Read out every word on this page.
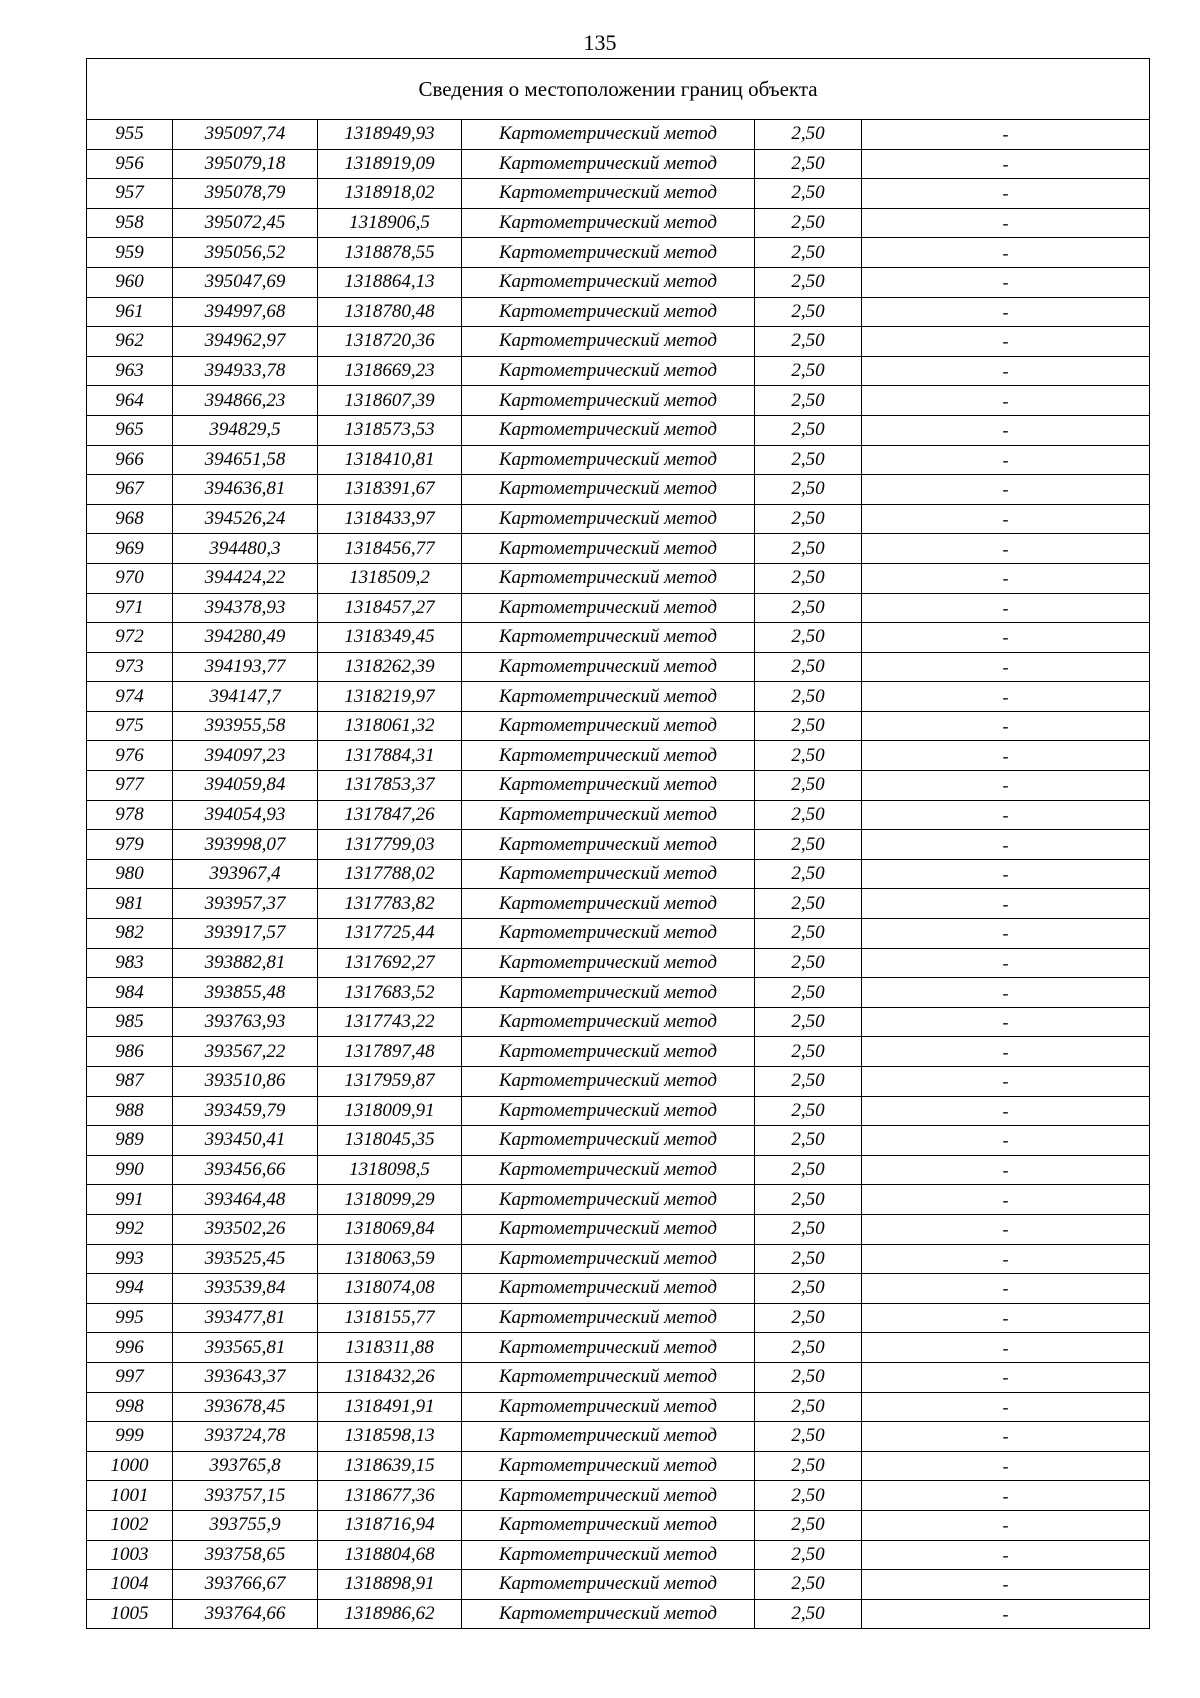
135
Сведения о местоположении границ объекта					
955	395097,74	1318949,93	Картометрический метод	2,50	-
956	395079,18	1318919,09	Картометрический метод	2,50	-
957	395078,79	1318918,02	Картометрический метод	2,50	-
958	395072,45	1318906,5	Картометрический метод	2,50	-
959	395056,52	1318878,55	Картометрический метод	2,50	-
960	395047,69	1318864,13	Картометрический метод	2,50	-
961	394997,68	1318780,48	Картометрический метод	2,50	-
962	394962,97	1318720,36	Картометрический метод	2,50	-
963	394933,78	1318669,23	Картометрический метод	2,50	-
964	394866,23	1318607,39	Картометрический метод	2,50	-
965	394829,5	1318573,53	Картометрический метод	2,50	-
966	394651,58	1318410,81	Картометрический метод	2,50	-
967	394636,81	1318391,67	Картометрический метод	2,50	-
968	394526,24	1318433,97	Картометрический метод	2,50	-
969	394480,3	1318456,77	Картометрический метод	2,50	-
970	394424,22	1318509,2	Картометрический метод	2,50	-
971	394378,93	1318457,27	Картометрический метод	2,50	-
972	394280,49	1318349,45	Картометрический метод	2,50	-
973	394193,77	1318262,39	Картометрический метод	2,50	-
974	394147,7	1318219,97	Картометрический метод	2,50	-
975	393955,58	1318061,32	Картометрический метод	2,50	-
976	394097,23	1317884,31	Картометрический метод	2,50	-
977	394059,84	1317853,37	Картометрический метод	2,50	-
978	394054,93	1317847,26	Картометрический метод	2,50	-
979	393998,07	1317799,03	Картометрический метод	2,50	-
980	393967,4	1317788,02	Картометрический метод	2,50	-
981	393957,37	1317783,82	Картометрический метод	2,50	-
982	393917,57	1317725,44	Картометрический метод	2,50	-
983	393882,81	1317692,27	Картометрический метод	2,50	-
984	393855,48	1317683,52	Картометрический метод	2,50	-
985	393763,93	1317743,22	Картометрический метод	2,50	-
986	393567,22	1317897,48	Картометрический метод	2,50	-
987	393510,86	1317959,87	Картометрический метод	2,50	-
988	393459,79	1318009,91	Картометрический метод	2,50	-
989	393450,41	1318045,35	Картометрический метод	2,50	-
990	393456,66	1318098,5	Картометрический метод	2,50	-
991	393464,48	1318099,29	Картометрический метод	2,50	-
992	393502,26	1318069,84	Картометрический метод	2,50	-
993	393525,45	1318063,59	Картометрический метод	2,50	-
994	393539,84	1318074,08	Картометрический метод	2,50	-
995	393477,81	1318155,77	Картометрический метод	2,50	-
996	393565,81	1318311,88	Картометрический метод	2,50	-
997	393643,37	1318432,26	Картометрический метод	2,50	-
998	393678,45	1318491,91	Картометрический метод	2,50	-
999	393724,78	1318598,13	Картометрический метод	2,50	-
1000	393765,8	1318639,15	Картометрический метод	2,50	-
1001	393757,15	1318677,36	Картометрический метод	2,50	-
1002	393755,9	1318716,94	Картометрический метод	2,50	-
1003	393758,65	1318804,68	Картометрический метод	2,50	-
1004	393766,67	1318898,91	Картометрический метод	2,50	-
1005	393764,66	1318986,62	Картометрический метод	2,50	-
